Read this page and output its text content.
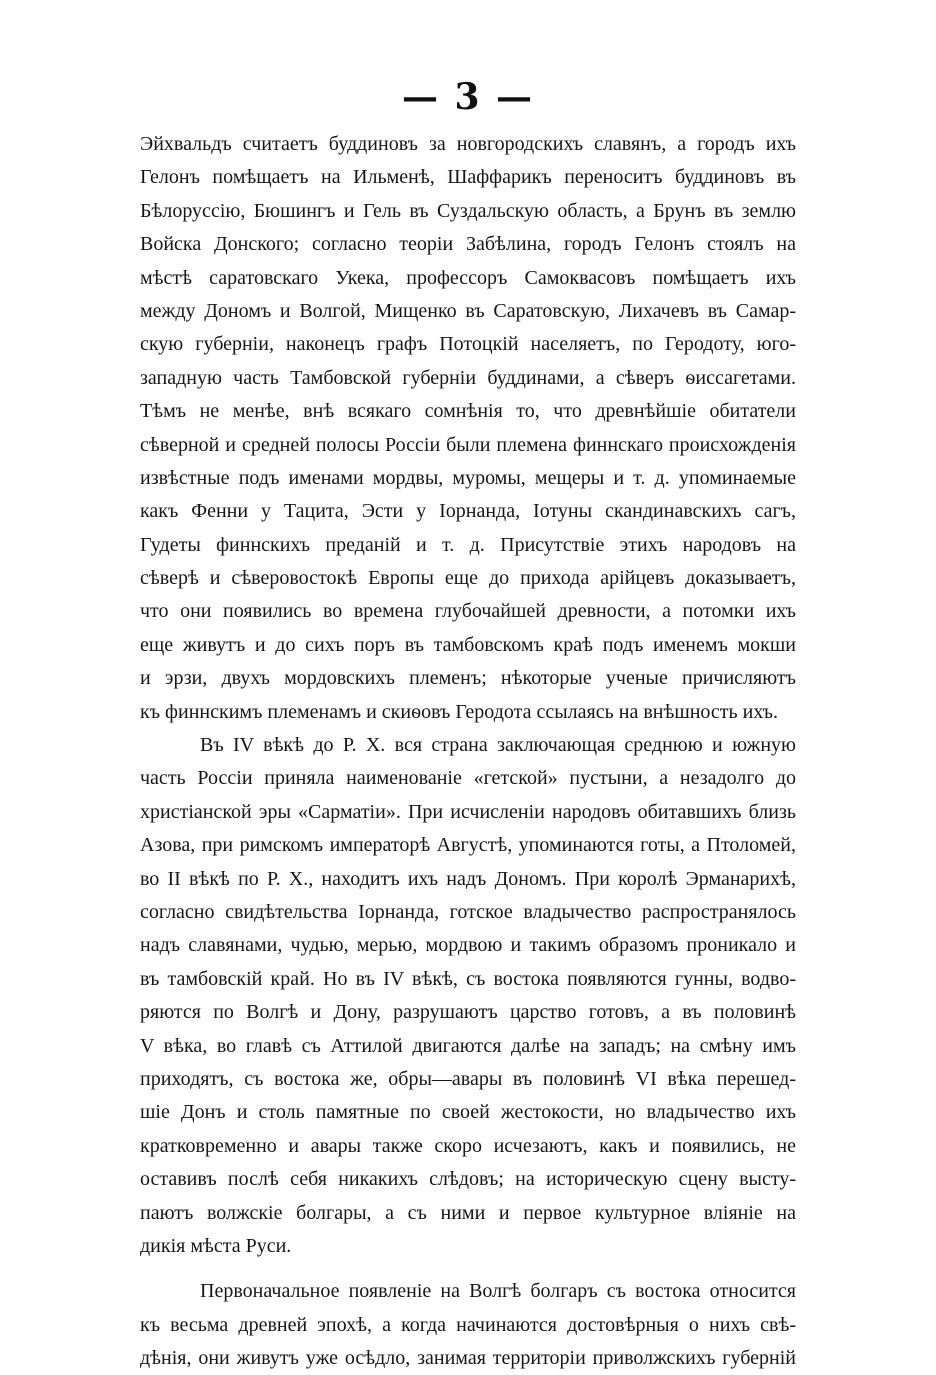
— 3 —
Эйхвальдъ считаетъ буддиновъ за новгородскихъ славянъ, а городъ ихъ
Гелонъ помѣщаетъ на Ильменѣ, Шаффарикъ переноситъ буддиновъ въ
Бѣлоруссію, Бюшингъ и Гель въ Суздальскую область, а Брунъ въ землю
Войска Донского; согласно теоріи Забѣлина, городъ Гелонъ стоялъ на
мѣстѣ саратовскаго Укека, профессоръ Самоквасовъ помѣщаетъ ихъ
между Дономъ и Волгой, Мищенко въ Саратовскую, Лихачевъ въ Самар-
скую губерніи, наконецъ графъ Потоцкій населяетъ, по Геродоту, юго-
западную часть Тамбовской губерніи буддинами, а сѣверъ ѳиссагетами.
Тѣмъ не менѣе, внѣ всякаго сомнѣнія то, что древнѣйшіе обитатели
сѣверной и средней полосы Россіи были племена финнскаго происхожденія
извѣстные подъ именами мордвы, муромы, мещеры и т. д. упоминаемые
какъ Фенни у Тацита, Эсти у Іорнанда, Іотуны скандинавскихъ сагъ,
Гудеты финнскихъ преданій и т. д. Присутствіе этихъ народовъ на
сѣверѣ и сѣверовостокѣ Европы еще до прихода арійцевъ доказываетъ,
что они появились во времена глубочайшей древности, а потомки ихъ
еще живутъ и до сихъ поръ въ тамбовскомъ краѣ подъ именемъ мокши
и эрзи, двухъ мордовскихъ племенъ; нѣкоторые ученые причисляютъ
къ финнскимъ племенамъ и скиѳовъ Геродота ссылаясь на внѣшность ихъ.
Въ IV вѣкѣ до Р. Х. вся страна заключающая среднюю и южную
часть Россіи приняла наименованіе «гетской» пустыни, а незадолго до
христіанской эры «Сарматіи». При исчисленіи народовъ обитавшихъ близь
Азова, при римскомъ императорѣ Августѣ, упоминаются готы, а Птоломей,
во II вѣкѣ по Р. Х., находитъ ихъ надъ Дономъ. При королѣ Эрманарихѣ,
согласно свидѣтельства Іорнанда, готское владычество распространялось
надъ славянами, чудью, мерью, мордвою и такимъ образомъ проникало и
въ тамбовскій край. Но въ IV вѣкѣ, съ востока появляются гунны, водво-
ряются по Волгѣ и Дону, разрушаютъ царство готовъ, а въ половинѣ
V вѣка, во главѣ съ Аттилой двигаются далѣе на западъ; на смѣну имъ
приходятъ, съ востока же, обры—авары въ половинѣ VI вѣка перешед-
шіе Донъ и столь памятные по своей жестокости, но владычество ихъ
кратковременно и авары также скоро исчезаютъ, какъ и появились, не
оставивъ послѣ себя никакихъ слѣдовъ; на историческую сцену высту-
паютъ волжскіе болгары, а съ ними и первое культурное вліяніе на
дикія мѣста Руси.
Первоначальное появленіе на Волгѣ болгаръ съ востока относится
къ весьма древней эпохѣ, а когда начинаются достовѣрныя о нихъ свѣ-
дѣнія, они живутъ уже осѣдло, занимая территоріи приволжскихъ губерній
